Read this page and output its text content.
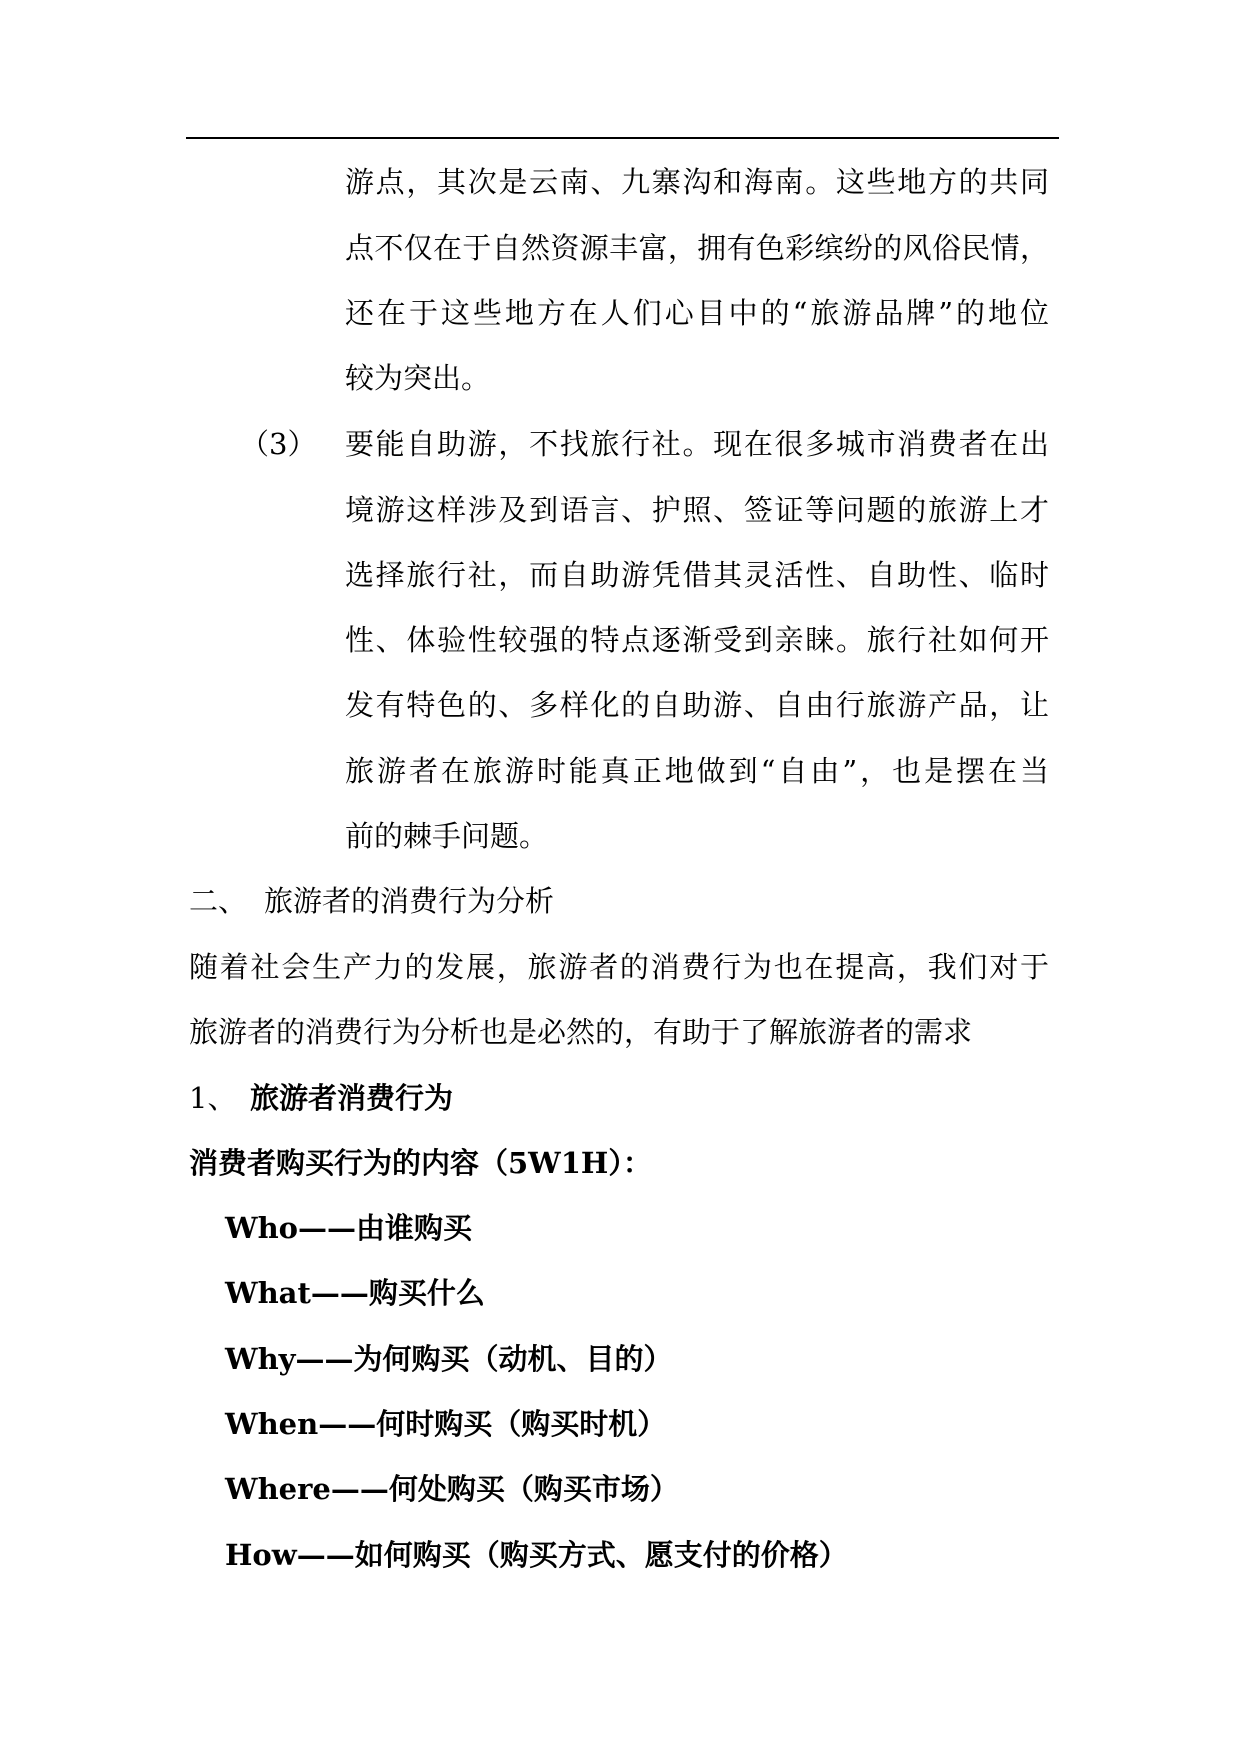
游点，其次是云南、九寨沟和海南。这些地方的共同
点不仅在于自然资源丰富，拥有色彩缤纷的风俗民情，
还在于这些地方在人们心目中的“旅游品牌”的地位
较为突出。
（3） 要能自助游，不找旅行社。现在很多城市消费者在出
境游这样涉及到语言、护照、签证等问题的旅游上才
选择旅行社，而自助游凭借其灵活性、自助性、临时
性、体验性较强的特点逐渐受到亲睐。旅行社如何开
发有特色的、多样化的自助游、自由行旅游产品，让
旅游者在旅游时能真正地做到“自由”，也是摆在当
前的棘手问题。
二、 旅游者的消费行为分析
随着社会生产力的发展，旅游者的消费行为也在提高，我们对于
旅游者的消费行为分析也是必然的，有助于了解旅游者的需求
1、 旅游者消费行为
消费者购买行为的内容（5W1H）：
Who——由谁购买
What——购买什么
Why——为何购买（动机、目的）
When——何时购买（购买时机）
Where——何处购买（购买市场）
How——如何购买（购买方式、愿支付的价格）
